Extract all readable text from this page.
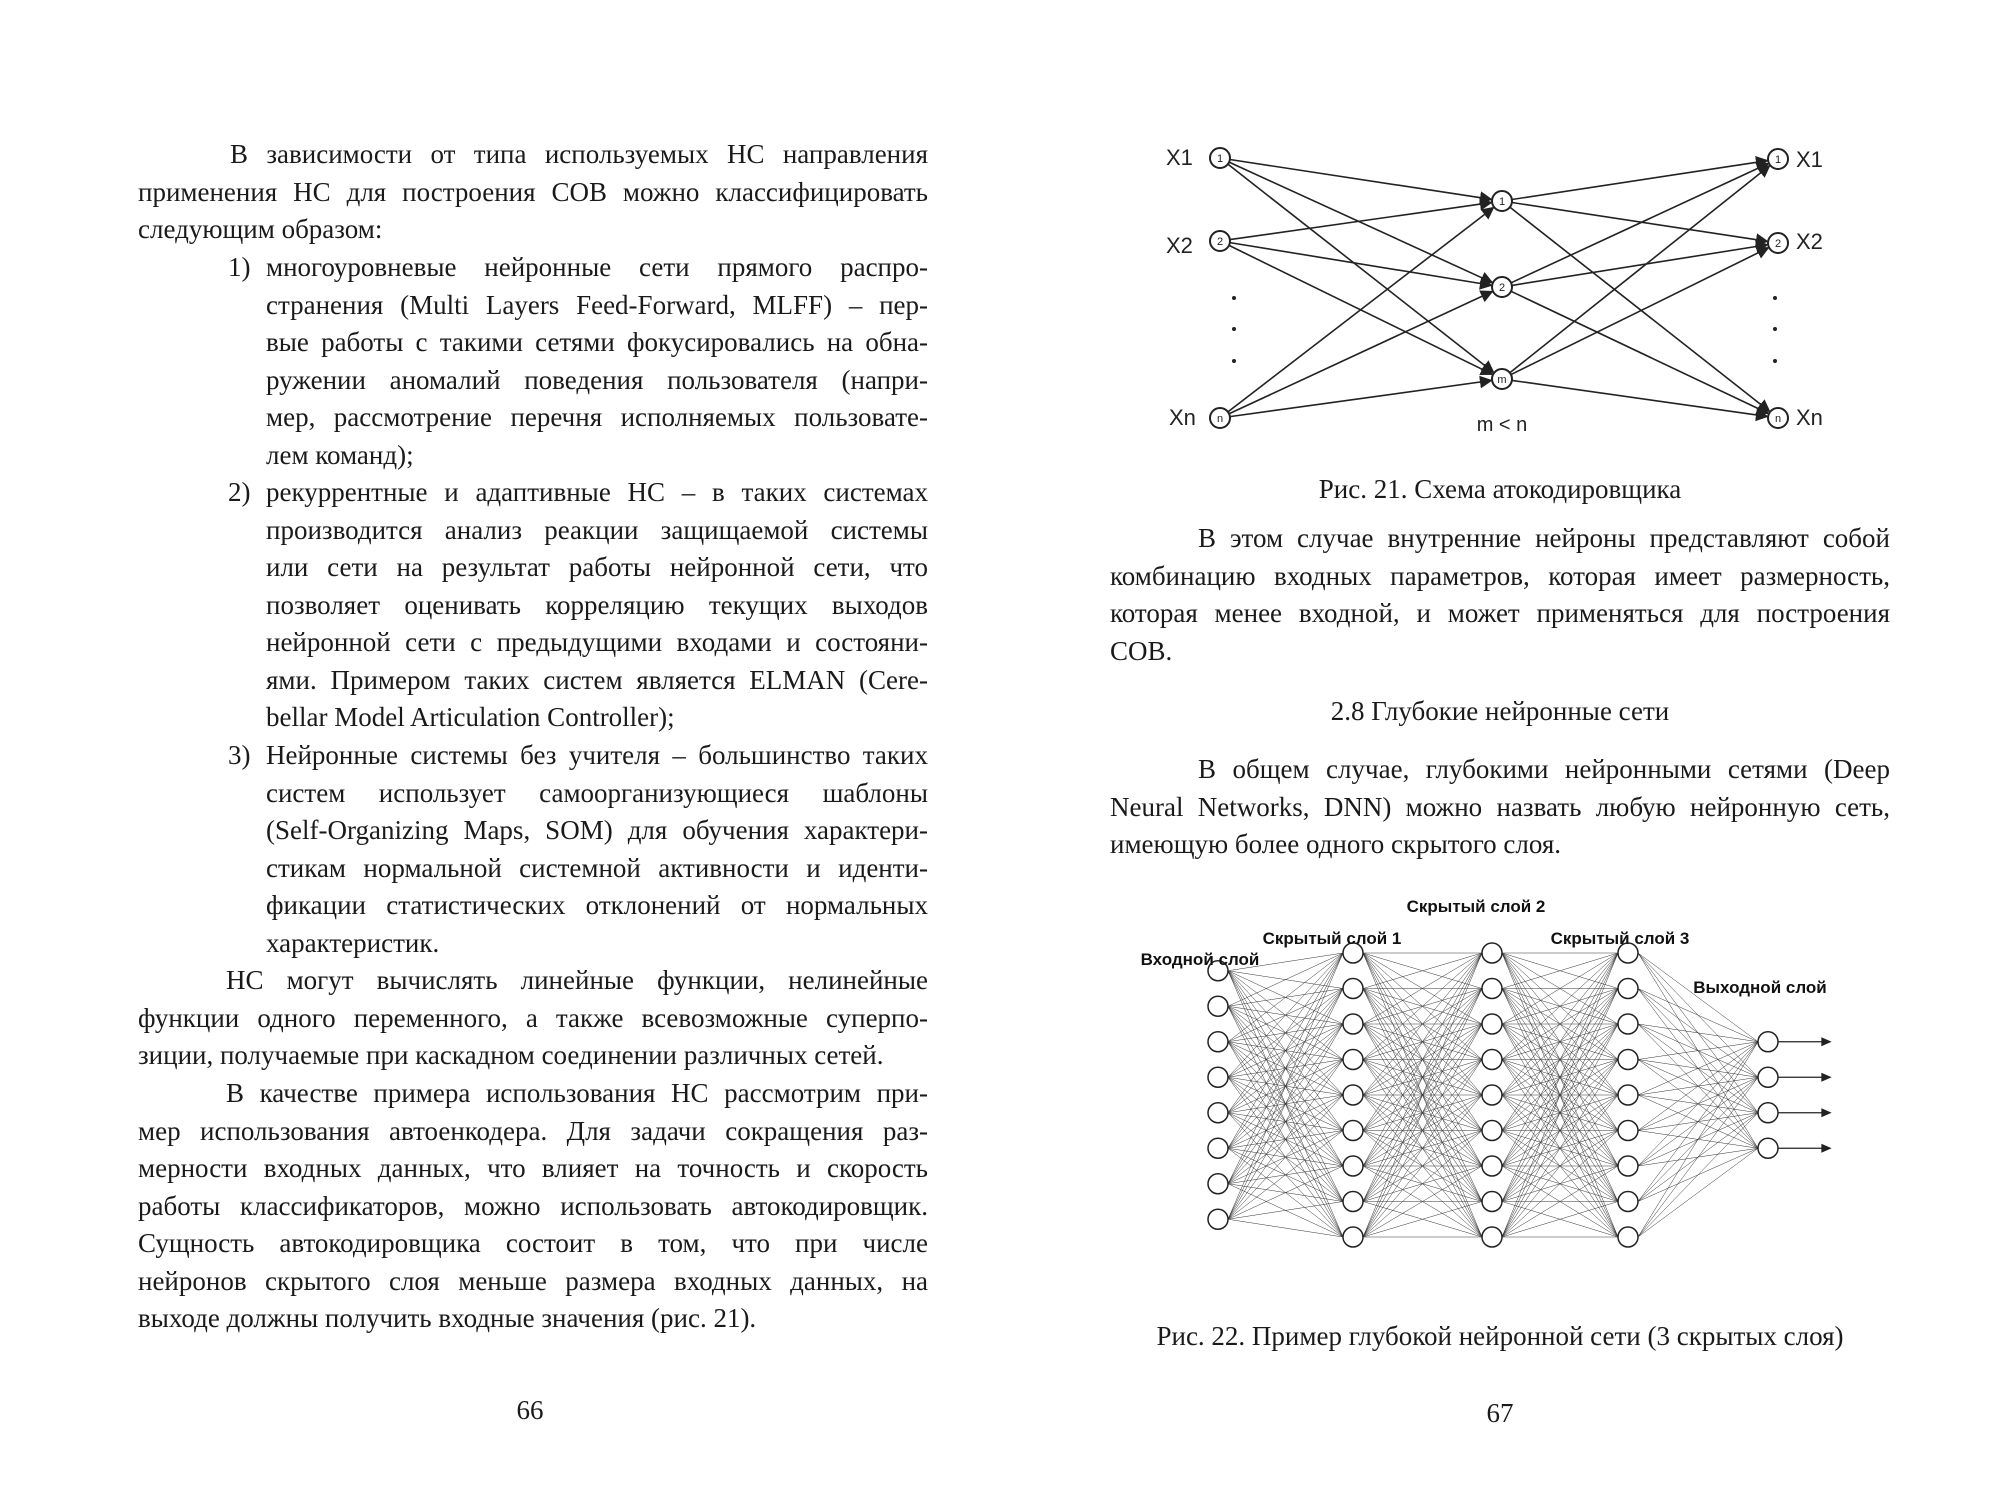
В зависимости от типа используемых НС направления
применения НС для построения СОВ можно классифицировать
следующим образом:
1) многоуровневые нейронные сети прямого распро-
странения (Multi Layers Feed-Forward, MLFF) – пер-
вые работы с такими сетями фокусировались на обна-
ружении аномалий поведения пользователя (напри-
мер, рассмотрение перечня исполняемых пользовате-
лем команд);
2) рекуррентные и адаптивные НС – в таких системах
производится анализ реакции защищаемой системы
или сети на результат работы нейронной сети, что
позволяет оценивать корреляцию текущих выходов
нейронной сети с предыдущими входами и состояни-
ями. Примером таких систем является ELMAN (Cere-
bellar Model Articulation Controller);
3) Нейронные системы без учителя – большинство таких
систем использует самоорганизующиеся шаблоны
(Self-Organizing Maps, SOM) для обучения характери-
стикам нормальной системной активности и иденти-
фикации статистических отклонений от нормальных
характеристик.
НС могут вычислять линейные функции, нелинейные
функции одного переменного, а также всевозможные суперпо-
зиции, получаемые при каскадном соединении различных сетей.
В качестве примера использования НС рассмотрим при-
мер использования автоенкодера. Для задачи сокращения раз-
мерности входных данных, что влияет на точность и скорость
работы классификаторов, можно использовать автокодировщик.
Сущность автокодировщика состоит в том, что при числе
нейронов скрытого слоя меньше размера входных данных, на
выходе должны получить входные значения (рис. 21).
66
1
2
n
1
2
m
1
2
n
X1
X2
Xn
X1
X2
Xn
m < n
Рис. 21. Схема атокодировщика
В этом случае внутренние нейроны представляют собой
комбинацию входных параметров, которая имеет размерность,
которая менее входной, и может применяться для построения
СОВ.
2.8 Глубокие нейронные сети
В общем случае, глубокими нейронными сетями (Deep
Neural Networks, DNN) можно назвать любую нейронную сеть,
имеющую более одного скрытого слоя.
Входной слой
Скрытый слой 1
Скрытый слой 2
Скрытый слой 3
Выходной слой
Рис. 22. Пример глубокой нейронной сети (3 скрытых слоя)
67
